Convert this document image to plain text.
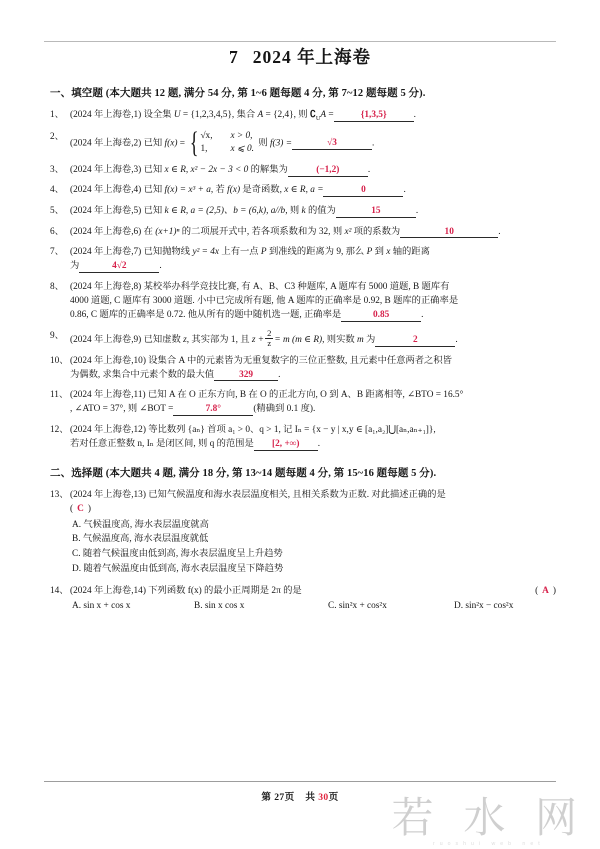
7 2024 年上海卷
一、填空题 (本大题共 12 题, 满分 54 分, 第 1~6 题每题 4 分, 第 7~12 题每题 5 分).
1、 (2024 年上海卷,1) 设全集 U = {1,2,3,4,5}, 集合 A = {2,4}, 则 $∁_UA$ =	{1,3,5}	.
2、
(2024 年上海卷,2) 已知 f(x) = { √x, x > 0,
1, x ⩽ 0.
则 f(3) =	√3	.
3、 (2024 年上海卷,3) 已知 x ∈ R, x² − 2x − 3 < 0 的解集为	(−1,2)	.
4、 (2024 年上海卷,4) 已知 f(x) = x³ + a, 若 f(x) 是奇函数, x ∈ R, a =	0	.
5、 (2024 年上海卷,5) 已知 k ∈ R, a = (2,5)、b = (6,k), a//b, 则 k 的值为	15	.
6、 (2024 年上海卷,6) 在 (x+1)ⁿ 的二项展开式中, 若各项系数和为 32, 则 x² 项的系数为	10	.
7、 (2024 年上海卷,7) 已知抛物线 y² = 4x 上有一点 P 到准线的距离为 9, 那么 P 到 x 轴的距离
为	4√2	.
8、 (2024 年上海卷,8) 某校举办科学竞技比赛, 有 A、B、C3 种题库, A 题库有 5000 道题, B 题库有
4000 道题, C 题库有 3000 道题. 小中已完成所有题, 他 A 题库的正确率是 0.92, B 题库的正确率是
0.86, C 题库的正确率是 0.72. 他从所有的题中随机选一题, 正确率是	0.85	.
9、 (2024 年上海卷,9) 已知虚数 z, 其实部为 1, 且 $z + \frac{2}{z} = m$ (m ∈ R), 则实数 m 为	2	.
10、 (2024 年上海卷,10) 设集合 A 中的元素皆为无重复数字的三位正整数, 且元素中任意两者之积皆
为偶数, 求集合中元素个数的最大值	329	.
11、 (2024 年上海卷,11) 已知 A 在 O 正东方向, B 在 O 的正北方向, O 到 A、B 距离相等, ∠BTO = 16.5°
, ∠ATO = 37°, 则 ∠BOT =	7.8°	(精确到 0.1 度).
12、 (2024 年上海卷,12) 等比数列 {aₙ} 首项 a₁ > 0、q > 1, 记 Iₙ = {x − y | x,y ∈ [a₁,a₂]⋃[aₙ,aₙ₊₁]},
若对任意正整数 n, Iₙ 是闭区间, 则 q 的范围是 [2, +∞) .
二、选择题 (本大题共 4 题, 满分 18 分, 第 13~14 题每题 4 分, 第 15~16 题每题 5 分).
13、 (2024 年上海卷,13) 已知气候温度和海水表层温度相关, 且相关系数为正数. 对此描述正确的是
( C )
A. 气候温度高, 海水表层温度就高
B. 气候温度高, 海水表层温度就低
C. 随着气候温度由低到高, 海水表层温度呈上升趋势
D. 随着气候温度由低到高, 海水表层温度呈下降趋势
14、	( A )
(2024 年上海卷,14) 下列函数 f(x) 的最小正周期是 2π 的是
A. sin x + cos x	B. sin x cos x	C. sin²x + cos²x	D. sin²x − cos²x
第 27页 共 30页	若 水 网
ruoshui web net
